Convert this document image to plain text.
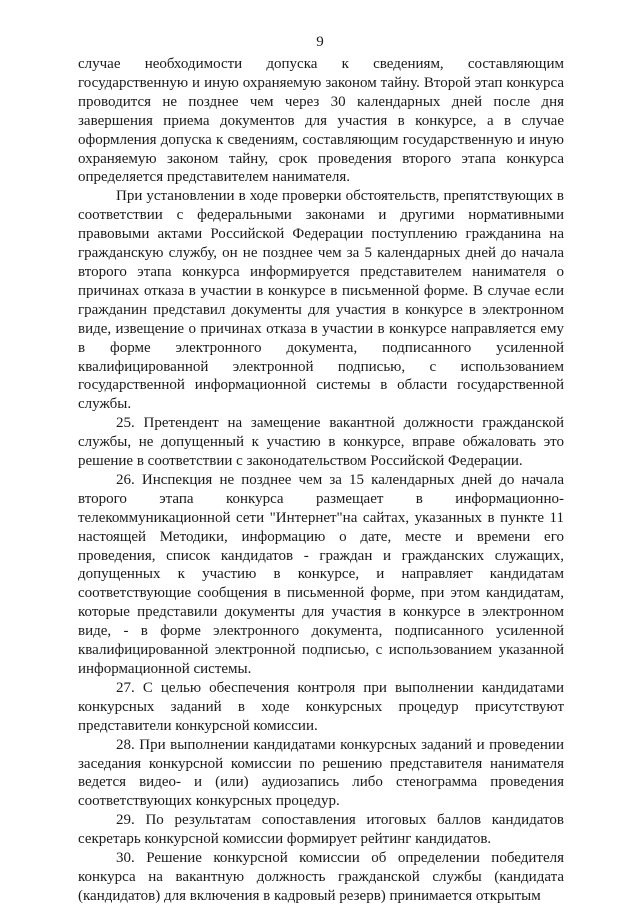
9

случае необходимости допуска к сведениям, составляющим государственную и иную охраняемую законом тайну. Второй этап конкурса проводится не позднее чем через 30 календарных дней после дня завершения приема документов для участия в конкурсе, а в случае оформления допуска к сведениям, составляющим государственную и иную охраняемую законом тайну, срок проведения второго этапа конкурса определяется представителем нанимателя.

При установлении в ходе проверки обстоятельств, препятствующих в соответствии с федеральными законами и другими нормативными правовыми актами Российской Федерации поступлению гражданина на гражданскую службу, он не позднее чем за 5 календарных дней до начала второго этапа конкурса информируется представителем нанимателя о причинах отказа в участии в конкурсе в письменной форме. В случае если гражданин представил документы для участия в конкурсе в электронном виде, извещение о причинах отказа в участии в конкурсе направляется ему в форме электронного документа, подписанного усиленной квалифицированной электронной подписью, с использованием государственной информационной системы в области государственной службы.

25. Претендент на замещение вакантной должности гражданской службы, не допущенный к участию в конкурсе, вправе обжаловать это решение в соответствии с законодательством Российской Федерации.

26. Инспекция не позднее чем за 15 календарных дней до начала второго этапа конкурса размещает в информационно-телекоммуникационной сети "Интернет"на сайтах, указанных в пункте 11 настоящей Методики, информацию о дате, месте и времени его проведения, список кандидатов - граждан и гражданских служащих, допущенных к участию в конкурсе, и направляет кандидатам соответствующие сообщения в письменной форме, при этом кандидатам, которые представили документы для участия в конкурсе в электронном виде, - в форме электронного документа, подписанного усиленной квалифицированной электронной подписью, с использованием указанной информационной системы.

27. С целью обеспечения контроля при выполнении кандидатами конкурсных заданий в ходе конкурсных процедур присутствуют представители конкурсной комиссии.

28. При выполнении кандидатами конкурсных заданий и проведении заседания конкурсной комиссии по решению представителя нанимателя ведется видео- и (или) аудиозапись либо стенограмма проведения соответствующих конкурсных процедур.

29. По результатам сопоставления итоговых баллов кандидатов секретарь конкурсной комиссии формирует рейтинг кандидатов.

30. Решение конкурсной комиссии об определении победителя конкурса на вакантную должность гражданской службы (кандидата (кандидатов) для включения в кадровый резерв) принимается открытым
